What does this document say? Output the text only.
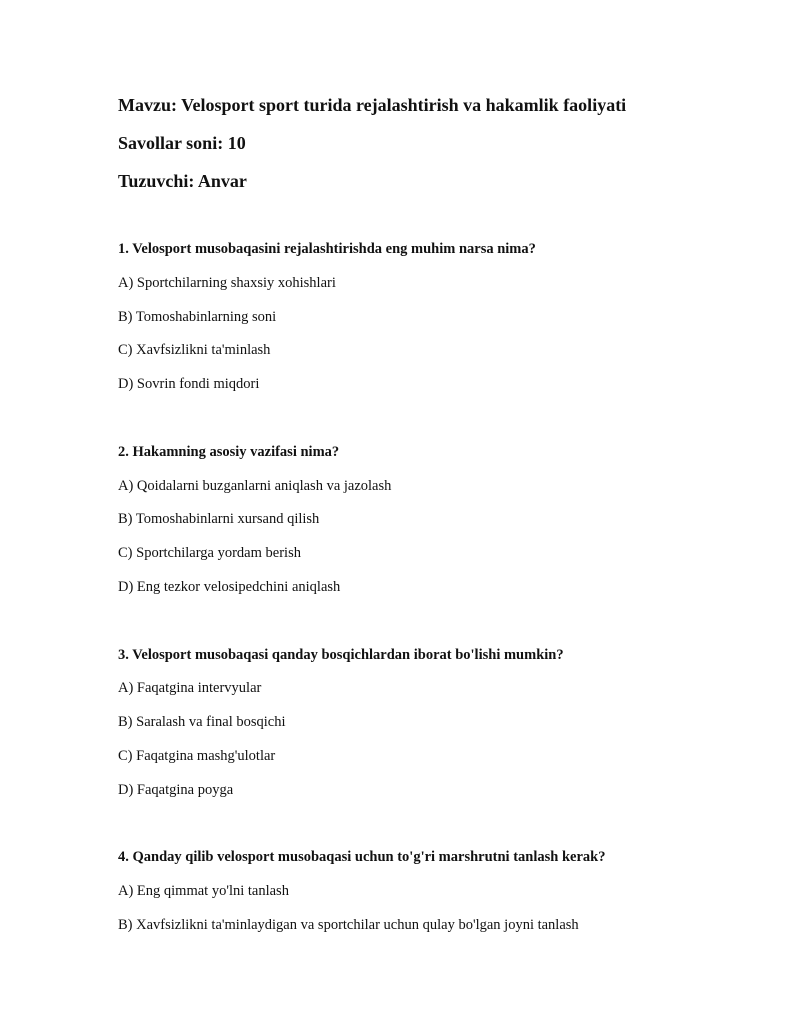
Mavzu: Velosport sport turida rejalashtirish va hakamlik faoliyati
Savollar soni: 10
Tuzuvchi: Anvar
1. Velosport musobaqasini rejalashtirishda eng muhim narsa nima?
A) Sportchilarning shaxsiy xohishlari
B) Tomoshabinlarning soni
C) Xavfsizlikni ta'minlash
D) Sovrin fondi miqdori
2. Hakamning asosiy vazifasi nima?
A) Qoidalarni buzganlarni aniqlash va jazolash
B) Tomoshabinlarni xursand qilish
C) Sportchilarga yordam berish
D) Eng tezkor velosipedchini aniqlash
3. Velosport musobaqasi qanday bosqichlardan iborat bo'lishi mumkin?
A) Faqatgina intervyular
B) Saralash va final bosqichi
C) Faqatgina mashg'ulotlar
D) Faqatgina poyga
4. Qanday qilib velosport musobaqasi uchun to'g'ri marshrutni tanlash kerak?
A) Eng qimmat yo'lni tanlash
B) Xavfsizlikni ta'minlaydigan va sportchilar uchun qulay bo'lgan joyni tanlash
